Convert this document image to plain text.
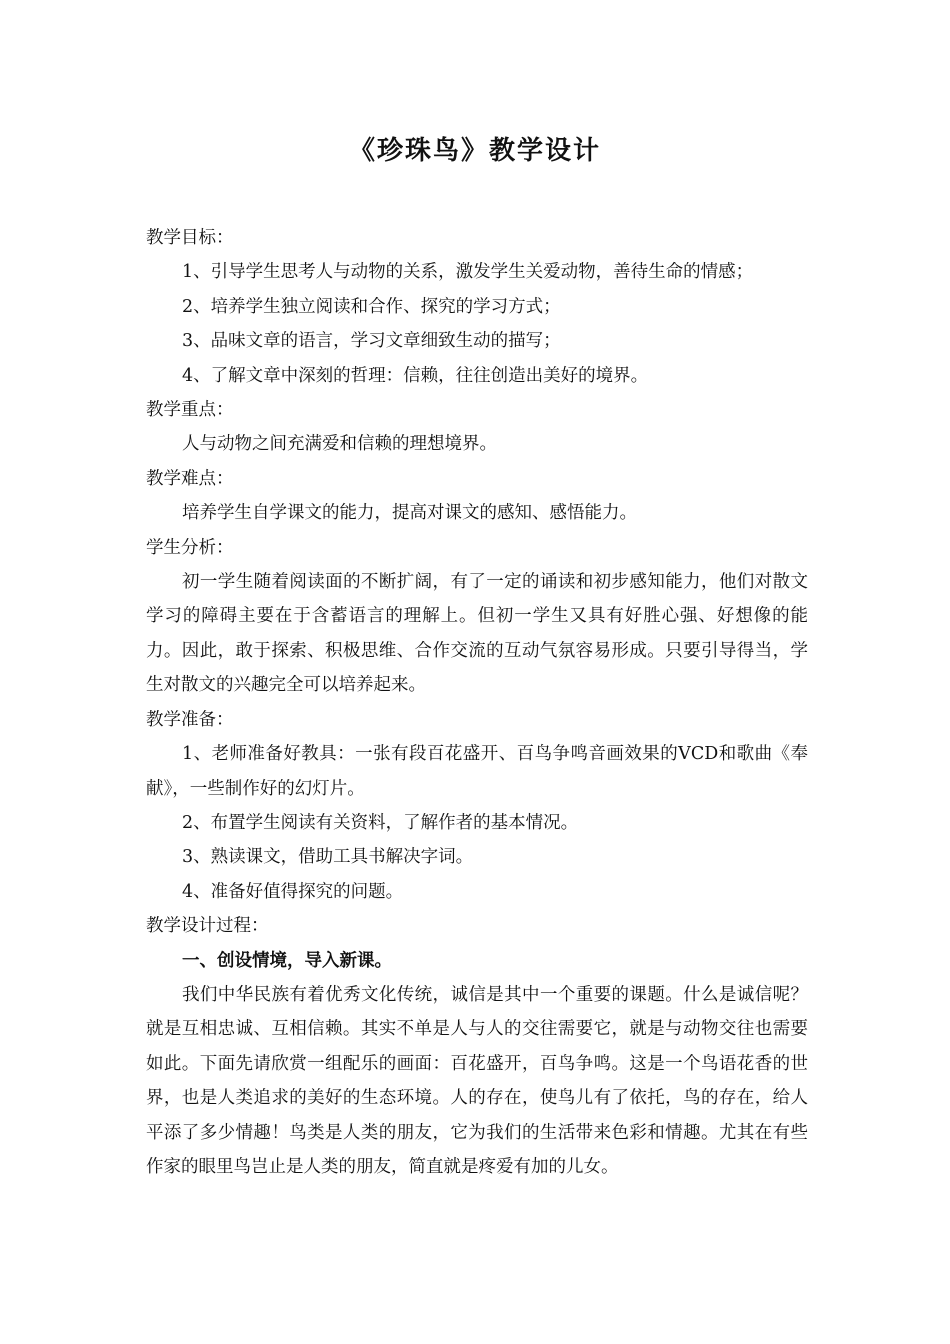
《珍珠鸟》教学设计

教学目标：

1、引导学生思考人与动物的关系，激发学生关爱动物，善待生命的情感；

2、培养学生独立阅读和合作、探究的学习方式；

3、品味文章的语言，学习文章细致生动的描写；

4、了解文章中深刻的哲理：信赖，往往创造出美好的境界。

教学重点：

人与动物之间充满爱和信赖的理想境界。

教学难点：

培养学生自学课文的能力，提高对课文的感知、感悟能力。

学生分析：

初一学生随着阅读面的不断扩阔，有了一定的诵读和初步感知能力，他们对散文学习的障碍主要在于含蓄语言的理解上。但初一学生又具有好胜心强、好想像的能力。因此，敢于探索、积极思维、合作交流的互动气氛容易形成。只要引导得当，学生对散文的兴趣完全可以培养起来。

教学准备：

1、老师准备好教具：一张有段百花盛开、百鸟争鸣音画效果的VCD和歌曲《奉献》，一些制作好的幻灯片。

2、布置学生阅读有关资料，了解作者的基本情况。

3、熟读课文，借助工具书解决字词。

4、准备好值得探究的问题。

教学设计过程：

一、创设情境，导入新课。

我们中华民族有着优秀文化传统，诚信是其中一个重要的课题。什么是诚信呢？就是互相忠诚、互相信赖。其实不单是人与人的交往需要它，就是与动物交往也需要如此。下面先请欣赏一组配乐的画面：百花盛开，百鸟争鸣。这是一个鸟语花香的世界，也是人类追求的美好的生态环境。人的存在，使鸟儿有了依托，鸟的存在，给人平添了多少情趣！鸟类是人类的朋友，它为我们的生活带来色彩和情趣。尤其在有些作家的眼里鸟岂止是人类的朋友，简直就是疼爱有加的儿女。
